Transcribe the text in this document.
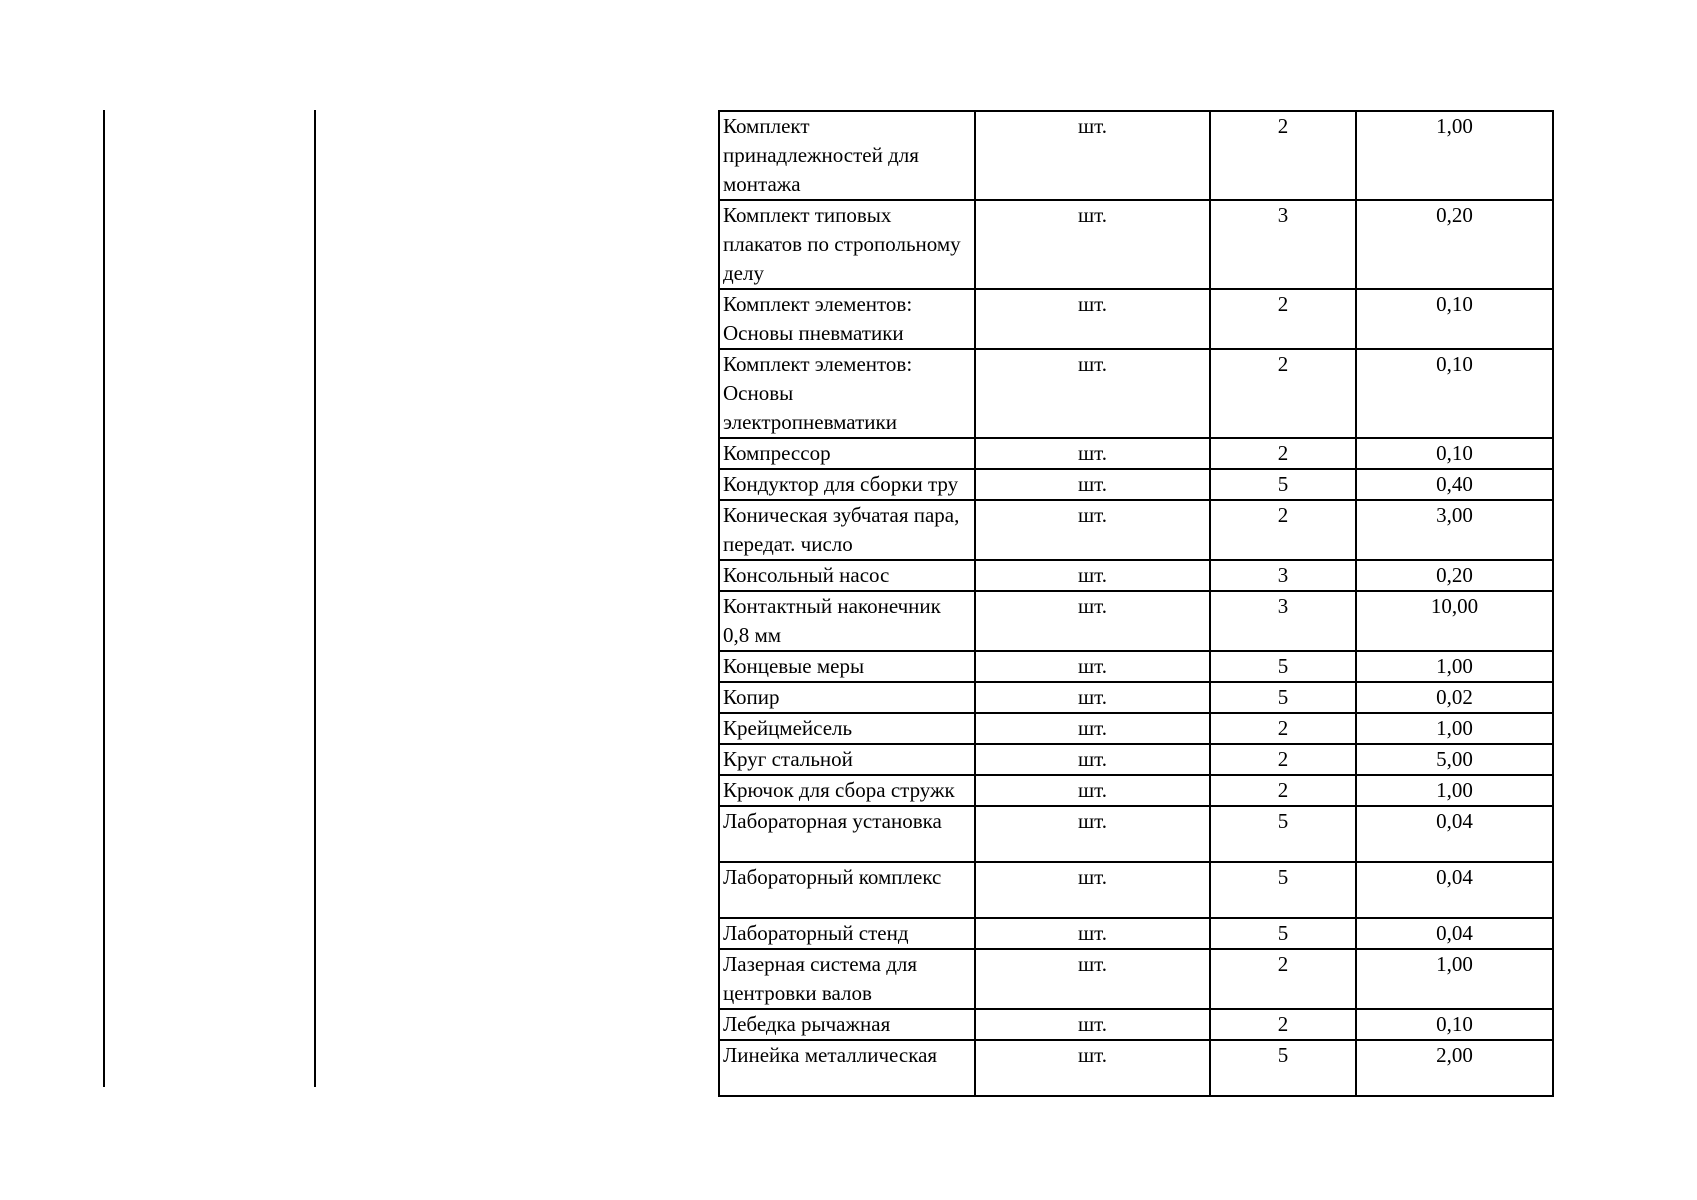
Комплект принадлежностей для монтажа	шт.	2	1,00
Комплект типовых плакатов по стропольному делу	шт.	3	0,20
Комплект элементов: Основы пневматики	шт.	2	0,10
Комплект элементов: Основы электропневматики	шт.	2	0,10
Компрессор	шт.	2	0,10
Кондуктор для сборки тру	шт.	5	0,40
Коническая зубчатая пара, передат. число	шт.	2	3,00
Консольный насос	шт.	3	0,20
Контактный наконечник 0,8 мм	шт.	3	10,00
Концевые меры	шт.	5	1,00
Копир	шт.	5	0,02
Крейцмейсель	шт.	2	1,00
Круг стальной	шт.	2	5,00
Крючок для сбора стружк	шт.	2	1,00
Лабораторная установка	шт.	5	0,04
Лабораторный комплекс	шт.	5	0,04
Лабораторный стенд	шт.	5	0,04
Лазерная система для центровки валов	шт.	2	1,00
Лебедка рычажная	шт.	2	0,10
Линейка металлическая	шт.	5	2,00
